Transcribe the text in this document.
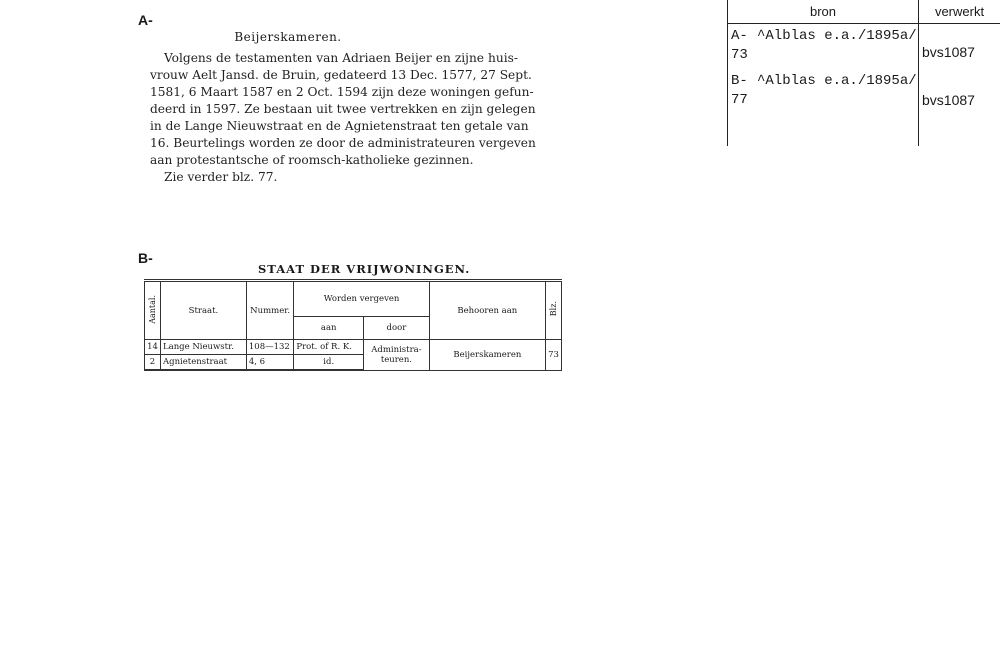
A-
Beijerskameren.
Volgens de testamenten van Adriaen Beijer en zijne huis-
vrouw Aelt Jansd. de Bruin, gedateerd 13 Dec. 1577, 27 Sept.
1581, 6 Maart 1587 en 2 Oct. 1594 zijn deze woningen gefun-
deerd in 1597. Ze bestaan uit twee vertrekken en zijn gelegen
in de Lange Nieuwstraat en de Agnietenstraat ten getale van
16. Beurtelings worden ze door de administrateuren vergeven
aan protestantsche of roomsch-katholieke gezinnen.
Zie verder blz. 77.
B-
STAAT DER VRIJWONINGEN.
Aantal.	Straat.	Nummer.	Worden vergeven		Behooren aan	Blz.
			aan	door		
14	Lange Nieuwstr.	108—132	Prot. of R. K.	Administra- teuren.	Beijerskameren	73
2	Agnietenstraat	4, 6	id.			
bron	verwerkt
A- ^Alblas e.a./1895a/
73	bvs1087
B- ^Alblas e.a./1895a/
77	bvs1087
